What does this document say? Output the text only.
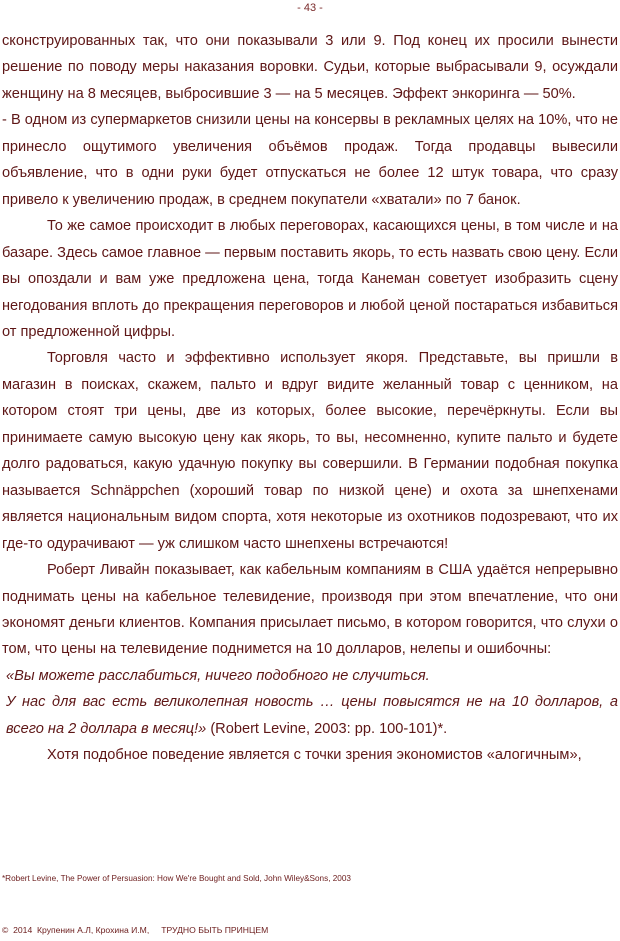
- 43 -

сконструированных так, что они показывали 3 или 9. Под конец их просили вынести решение по поводу меры наказания воровки. Судьи, которые выбрасывали 9, осуждали женщину на 8 месяцев, выбросившие 3 — на 5 месяцев. Эффект энкоринга — 50%.

- В одном из супермаркетов снизили цены на консервы в рекламных целях на 10%, что не принесло ощутимого увеличения объёмов продаж. Тогда продавцы вывесили объявление, что в одни руки будет отпускаться не более 12 штук товара, что сразу привело к увеличению продаж, в среднем покупатели «хватали» по 7 банок.

То же самое происходит в любых переговорах, касающихся цены, в том числе и на базаре. Здесь самое главное — первым поставить якорь, то есть назвать свою цену. Если вы опоздали и вам уже предложена цена, тогда Канеман советует изобразить сцену негодования вплоть до прекращения переговоров и любой ценой постараться избавиться от предложенной цифры.

Торговля часто и эффективно использует якоря. Представьте, вы пришли в магазин в поисках, скажем, пальто и вдруг видите желанный товар с ценником, на котором стоят три цены, две из которых, более высокие, перечёркнуты. Если вы принимаете самую высокую цену как якорь, то вы, несомненно, купите пальто и будете долго радоваться, какую удачную покупку вы совершили. В Германии подобная покупка называется Schnäppchen (хороший товар по низкой цене) и охота за шнепхенами является национальным видом спорта, хотя некоторые из охотников подозревают, что их где-то одурачивают — уж слишком часто шнепхены встречаются!

Роберт Ливайн показывает, как кабельным компаниям в США удаётся непрерывно поднимать цены на кабельное телевидение, производя при этом впечатление, что они экономят деньги клиентов. Компания присылает письмо, в котором говорится, что слухи о том, что цены на телевидение поднимется на 10 долларов, нелепы и ошибочны:

«Вы можете расслабиться, ничего подобного не случиться.

У нас для вас есть великолепная новость … цены повысятся не на 10 долларов, а всего на 2 доллара в месяц!» (Robert Levine, 2003: pp. 100-101)*.

Хотя подобное поведение является с точки зрения экономистов «алогичным»,

*Robert Levine, The Power of Persuasion: How We're Bought and Sold, John Wiley&Sons, 2003
©  2014  Крупенин А.Л, Крохина И.М, ТРУДНО БЫТЬ ПРИНЦЕМ
